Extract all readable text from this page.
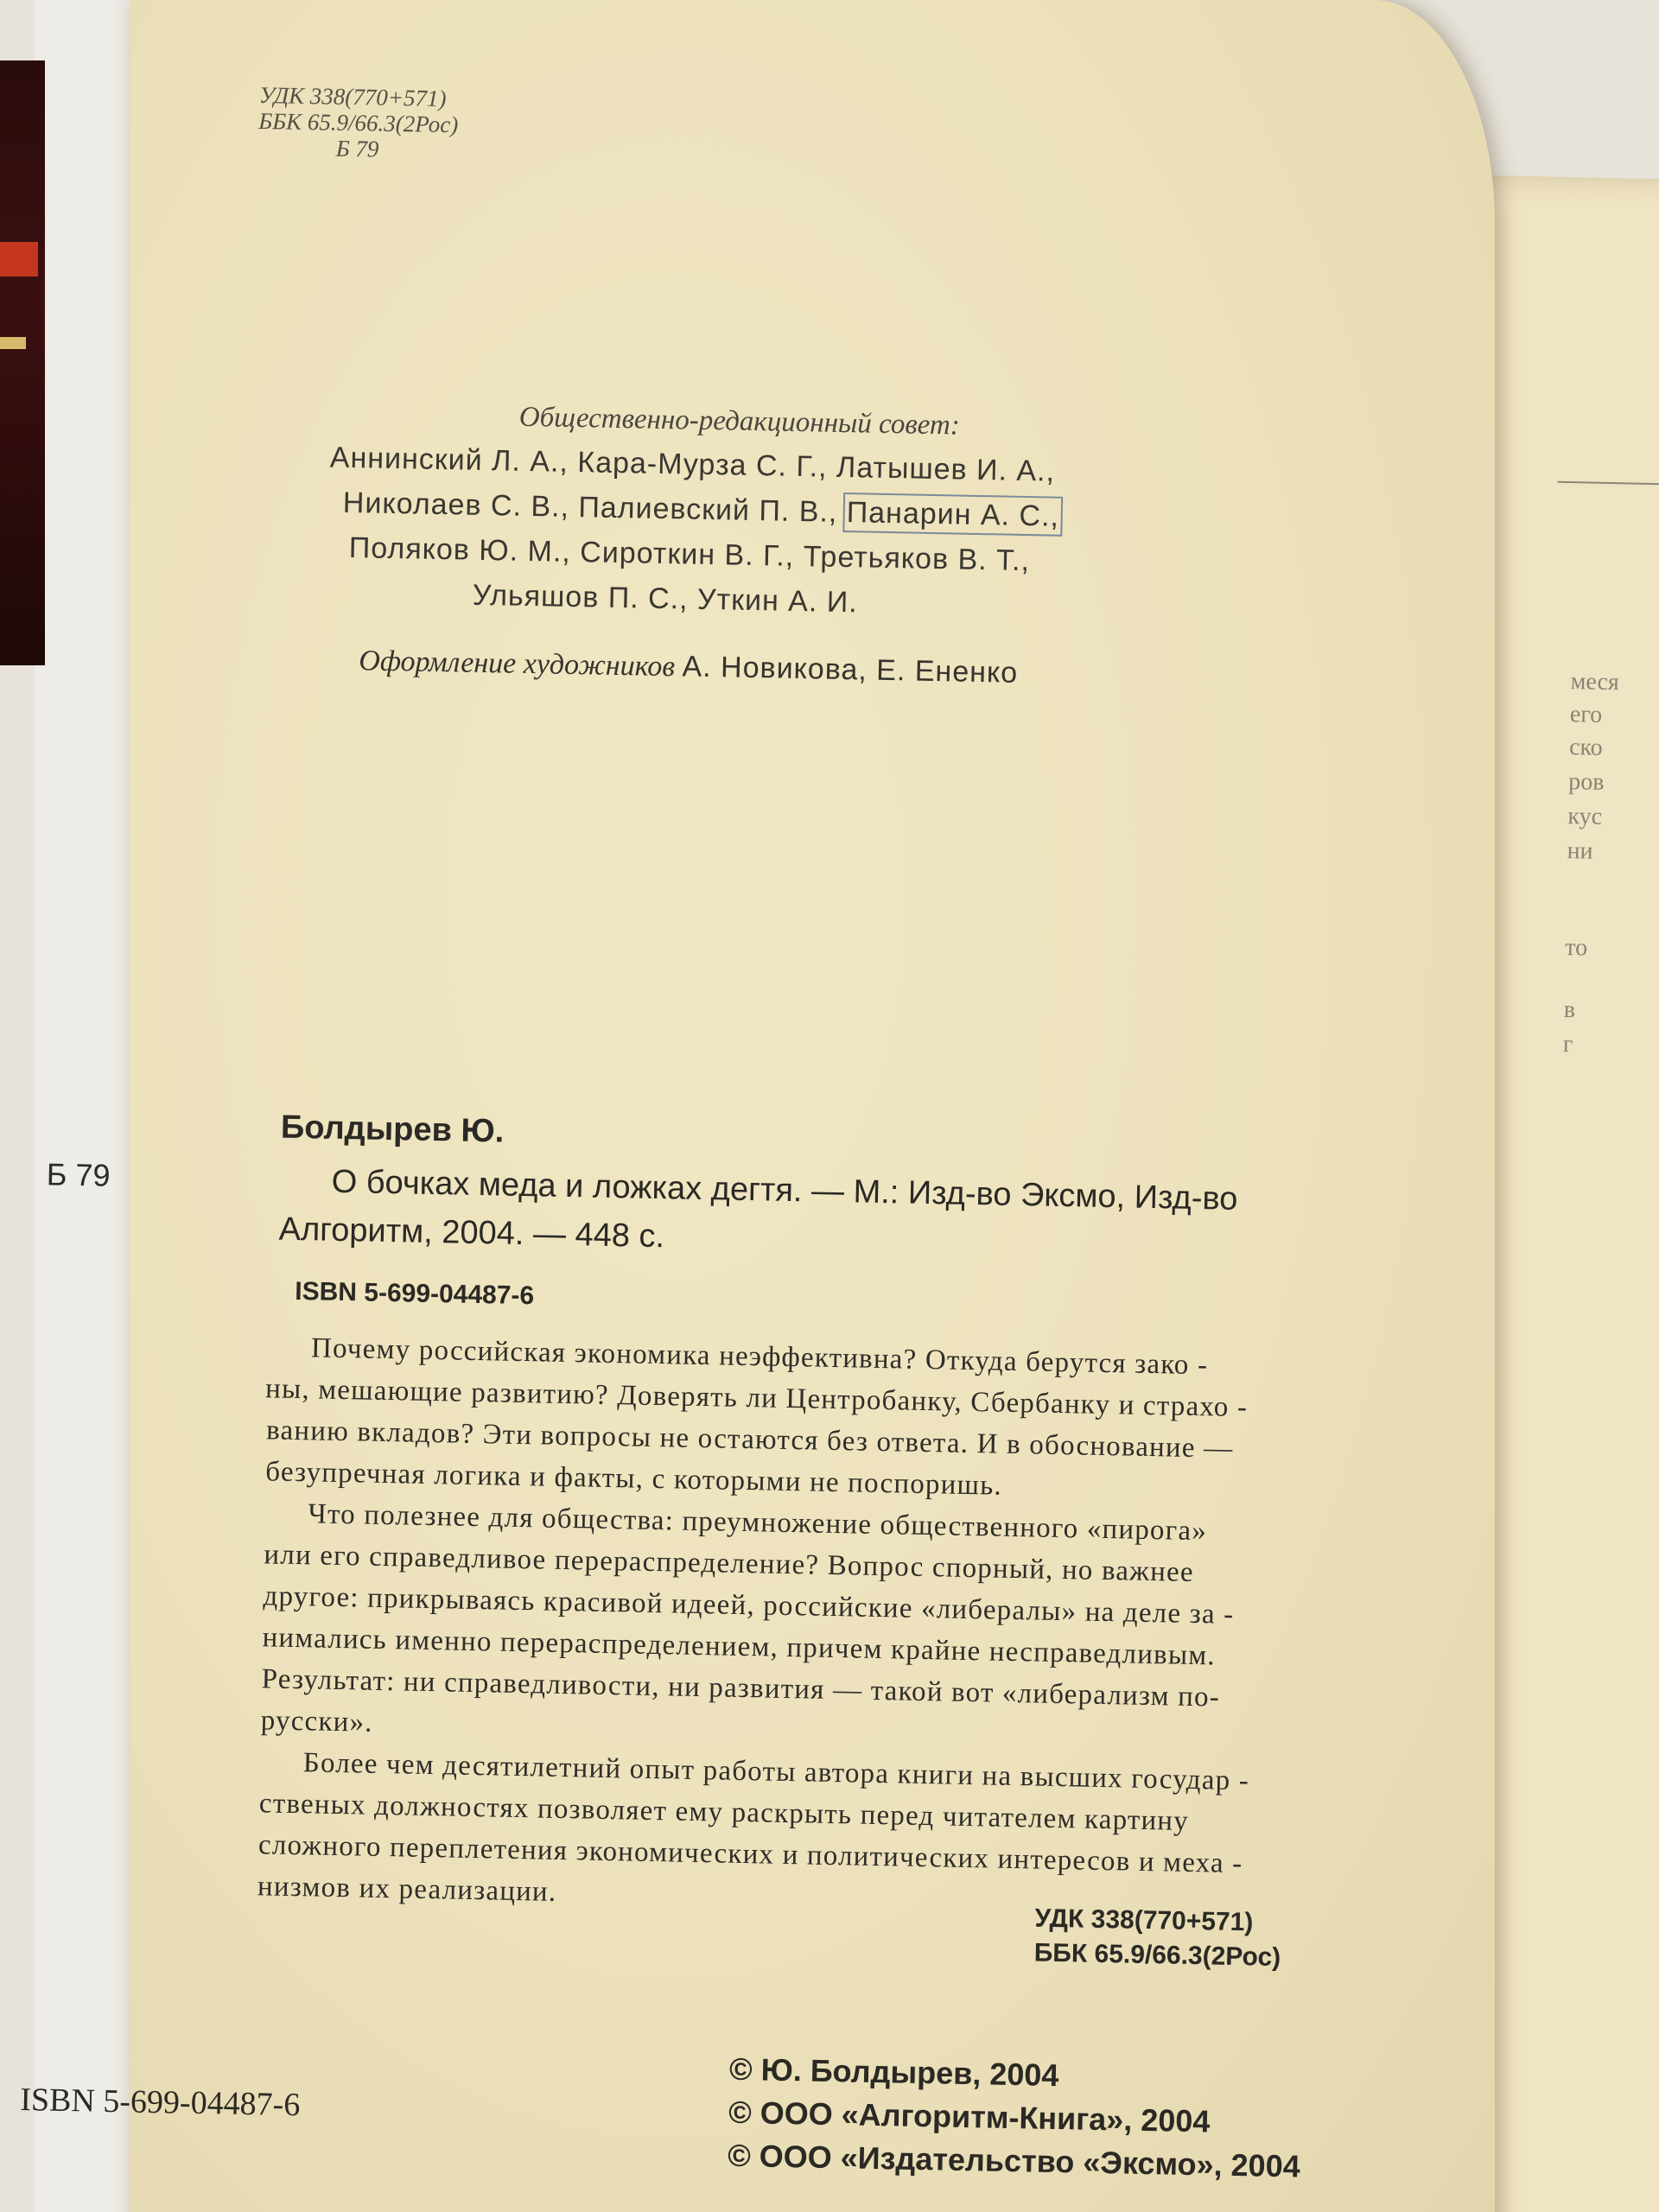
меся
его
ско
ров
кус
ни
то
в
г
УДК 338(770+571)
ББК 65.9/66.3(2Рос)
Б 79
Общественно-редакционный совет:
Аннинский Л. А., Кара-Мурза С. Г., Латышев И. А.,
Николаев С. В., Палиевский П. В., Панарин А. С.,
Поляков Ю. М., Сироткин В. Г., Третьяков В. Т.,
Ульяшов П. С., Уткин А. И.
Оформление художников А. Новикова, Е. Ененко
Болдырев Ю.
Б 79	О бочках меда и ложках дегтя. — М.: Изд-во Эксмо, Изд-во
Алгоритм, 2004. — 448 с.
ISBN 5-699-04487-6
Почему российская экономика неэффективна? Откуда берутся зако -
ны, мешающие развитию? Доверять ли Центробанку, Сбербанку и страхо -
ванию вкладов? Эти вопросы не остаются без ответа. И в обоснование —
безупречная логика и факты, с которыми не поспоришь.
Что полезнее для общества: преумножение общественного «пирога»
или его справедливое перераспределение? Вопрос спорный, но важнее
другое: прикрываясь красивой идеей, российские «либералы» на деле за -
нимались именно перераспределением, причем крайне несправедливым.
Результат: ни справедливости, ни развития — такой вот «либерализм по-
русски».
Более чем десятилетний опыт работы автора книги на высших государ -
ственых должностях позволяет ему раскрыть перед читателем картину
сложного переплетения экономических и политических интересов и меха -
низмов их реализации.
УДК 338(770+571)
ББК 65.9/66.3(2Рос)
© Ю. Болдырев, 2004
© ООО «Алгоритм-Книга», 2004
© ООО «Издательство «Эксмо», 2004
ISBN 5-699-04487-6
